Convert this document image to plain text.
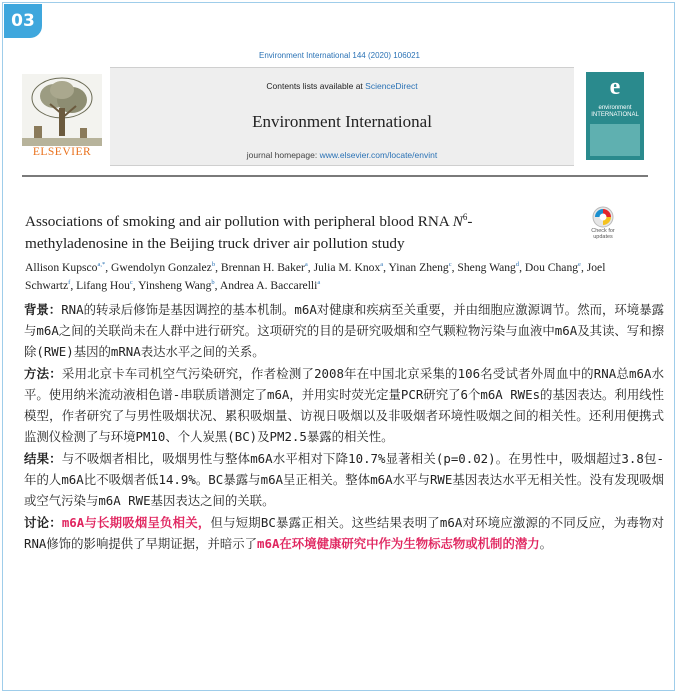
03
Environment International 144 (2020) 106021
ELSEVIER
Contents lists available at ScienceDirect
Environment International
journal homepage: www.elsevier.com/locate/envint
e
environment
INTERNATIONAL
Associations of smoking and air pollution with peripheral blood RNA $N^6$-methyladenosine in the Beijing truck driver air pollution study
Check for
updates
Allison Kupsco$^{a,*}$, Gwendolyn Gonzalez$^b$, Brennan H. Baker$^a$, Julia M. Knox$^a$, Yinan Zheng$^c$, Sheng Wang$^d$, Dou Chang$^e$, Joel Schwartz$^f$, Lifang Hou$^c$, Yinsheng Wang$^b$, Andrea A. Baccarelli$^a$

背景：RNA的转录后修饰是基因调控的基本机制。m6A对健康和疾病至关重要，并由细胞应激源调节。然而，环境暴露与m6A之间的关联尚未在人群中进行研究。这项研究的目的是研究吸烟和空气颗粒物污染与血液中m6A及其读、写和擦除(RWE)基因的mRNA表达水平之间的关系。

方法：采用北京卡车司机空气污染研究，作者检测了2008年在中国北京采集的106名受试者外周血中的RNA总m6A水平。使用纳米流动液相色谱-串联质谱测定了m6A，并用实时荧光定量PCR研究了6个m6A RWEs的基因表达。利用线性模型，作者研究了与男性吸烟状况、累积吸烟量、访视日吸烟以及非吸烟者环境性吸烟之间的相关性。还利用便携式监测仪检测了与环境PM10、个人炭黑(BC)及PM2.5暴露的相关性。

结果：与不吸烟者相比，吸烟男性与整体m6A水平相对下降10.7%显著相关(p=0.02)。在男性中，吸烟超过3.8包-年的人m6A比不吸烟者低14.9%。BC暴露与m6A呈正相关。整体m6A水平与RWE基因表达水平无相关性。没有发现吸烟或空气污染与m6A RWE基因表达之间的关联。

讨论：m6A与长期吸烟呈负相关，但与短期BC暴露正相关。这些结果表明了m6A对环境应激源的不同反应，为毒物对RNA修饰的影响提供了早期证据，并暗示了m6A在环境健康研究中作为生物标志物或机制的潜力。
